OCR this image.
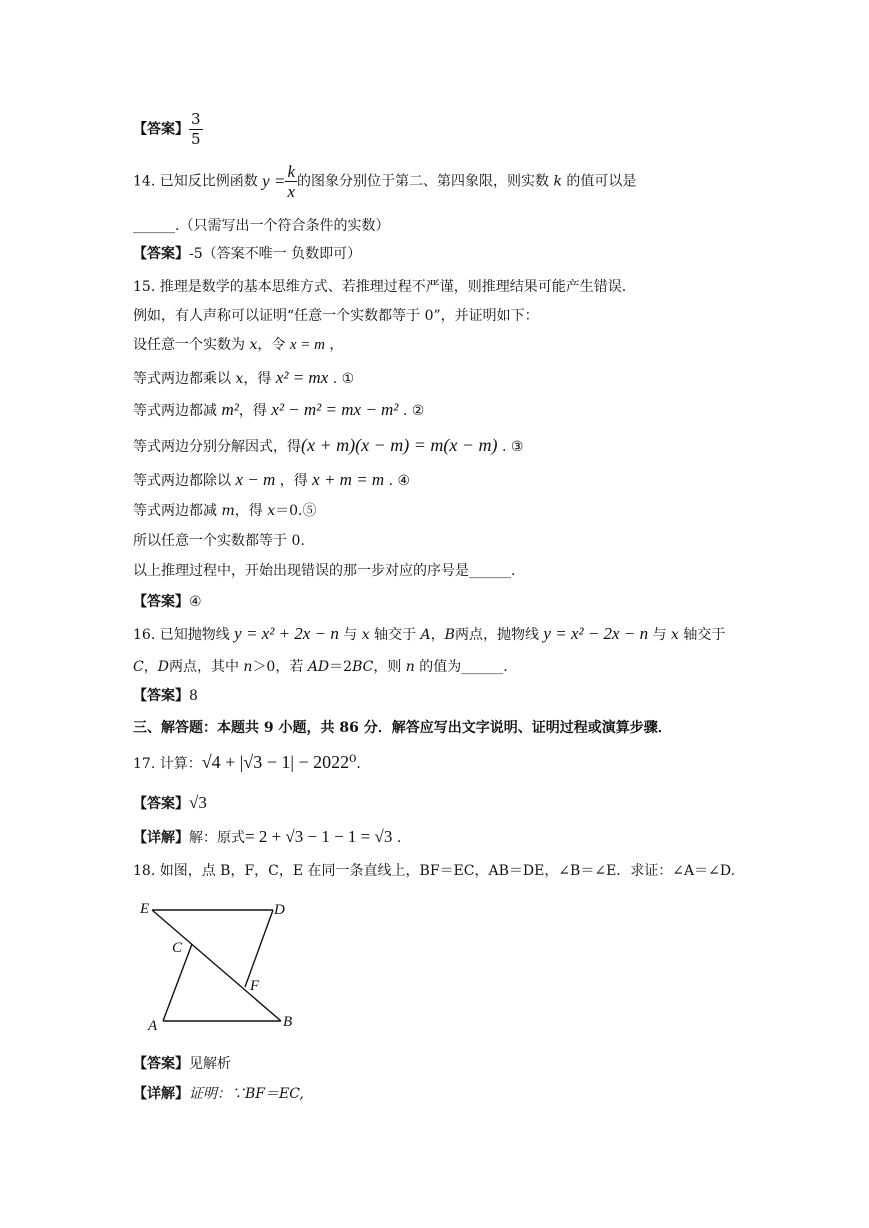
【答案】 $\frac{3}{5}$
14. 已知反比例函数 $y = \frac{k}{x}$ 的图象分别位于第二、第四象限，则实数 k 的值可以是
______.（只需写出一个符合条件的实数）
【答案】-5（答案不唯一 负数即可）
15. 推理是数学的基本思维方式、若推理过程不严谨，则推理结果可能产生错误.
例如，有人声称可以证明“任意一个实数都等于 0”，并证明如下：
设任意一个实数为 x，令 x = m ，
等式两边都乘以 x，得 x² = mx . ①
等式两边都减 m²，得 x² − m² = mx − m² . ②
等式两边分别分解因式，得(x + m)(x − m) = m(x − m) . ③
等式两边都除以 x − m ，得 x + m = m . ④
等式两边都减 m，得 x＝0.⑤
所以任意一个实数都等于 0.
以上推理过程中，开始出现错误的那一步对应的序号是______.
【答案】④
16. 已知抛物线 y = x² + 2x − n 与 x 轴交于 A，B两点，抛物线 y = x² − 2x − n 与 x 轴交于
C，D两点，其中 n＞0，若 AD＝2BC，则 n 的值为______.
【答案】8
三、解答题：本题共 9 小题，共 86 分．解答应写出文字说明、证明过程或演算步骤．
17. 计算：√4 + |√3 − 1| − 2022⁰.
【答案】√3
【详解】解：原式= 2 + √3 − 1 − 1 = √3 .
18. 如图，点 B，F，C，E 在同一条直线上，BF＝EC，AB＝DE，∠B＝∠E．求证：∠A＝∠D.
E	D
C
F
A	B
【答案】见解析
【详解】证明：∵BF＝EC,
